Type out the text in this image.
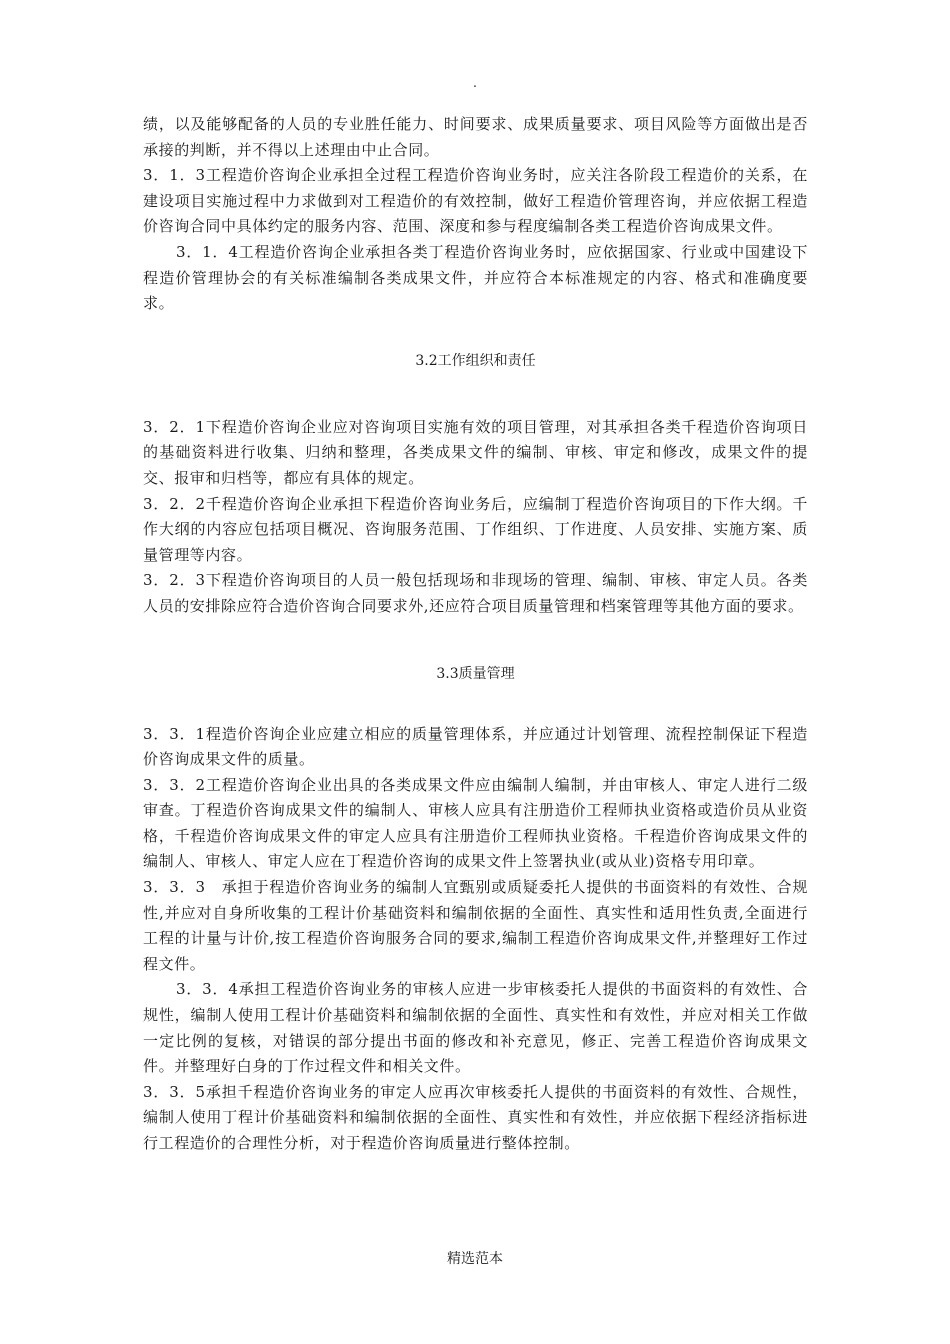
.

绩，以及能够配备的人员的专业胜任能力、时间要求、成果质量要求、项目风险等方面做出是否承接的判断，并不得以上述理由中止合同。

3．1．3工程造价咨询企业承担全过程工程造价咨询业务时，应关注各阶段工程造价的关系，在建设项目实施过程中力求做到对工程造价的有效控制，做好工程造价管理咨询，并应依据工程造价咨询合同中具体约定的服务内容、范围、深度和参与程度编制各类工程造价咨询成果文件。

3．1．4工程造价咨询企业承担各类丁程造价咨询业务时，应依据国家、行业或中国建设下程造价管理协会的有关标准编制各类成果文件，并应符合本标准规定的内容、格式和准确度要求。

3.2工作组织和责任

3．2．1下程造价咨询企业应对咨询项目实施有效的项目管理，对其承担各类千程造价咨询项日的基础资料进行收集、归纳和整理，各类成果文件的编制、审核、审定和修改，成果文件的提交、报审和归档等，都应有具体的规定。

3．2．2千程造价咨询企业承担下程造价咨询业务后，应编制丁程造价咨询项目的下作大纲。千作大纲的内容应包括项目概况、咨询服务范围、丁作组织、丁作进度、人员安排、实施方案、质量管理等内容。

3．2．3下程造价咨询项目的人员一般包括现场和非现场的管理、编制、审核、审定人员。各类人员的安排除应符合造价咨询合同要求外,还应符合项目质量管理和档案管理等其他方面的要求。

3.3质量管理

3．3．1程造价咨询企业应建立相应的质量管理体系，并应通过计划管理、流程控制保证下程造价咨询成果文件的质量。

3．3．2工程造价咨询企业出具的各类成果文件应由编制人编制，并由审核人、审定人进行二级审查。丁程造价咨询成果文件的编制人、审核人应具有注册造价工程师执业资格或造价员从业资格，千程造价咨询成果文件的审定人应具有注册造价工程师执业资格。千程造价咨询成果文件的编制人、审核人、审定人应在丁程造价咨询的成果文件上签署执业(或从业)资格专用印章。

3．3．3　承担于程造价咨询业务的编制人宜甄别或质疑委托人提供的书面资料的有效性、合规性,并应对自身所收集的工程计价基础资料和编制依据的全面性、真实性和适用性负责,全面进行工程的计量与计价,按工程造价咨询服务合同的要求,编制工程造价咨询成果文件,并整理好工作过程文件。

3．3．4承担工程造价咨询业务的审核人应进一步审核委托人提供的书面资料的有效性、合规性，编制人使用工程计价基础资料和编制依据的全面性、真实性和有效性，并应对相关工作做一定比例的复核，对错误的部分提出书面的修改和补充意见，修正、完善工程造价咨询成果文件。并整理好白身的丁作过程文件和相关文件。

3．3．5承担千程造价咨询业务的审定人应再次审核委托人提供的书面资料的有效性、合规性，编制人使用丁程计价基础资料和编制依据的全面性、真实性和有效性，并应依据下程经济指标进行工程造价的合理性分析，对于程造价咨询质量进行整体控制。

精选范本
